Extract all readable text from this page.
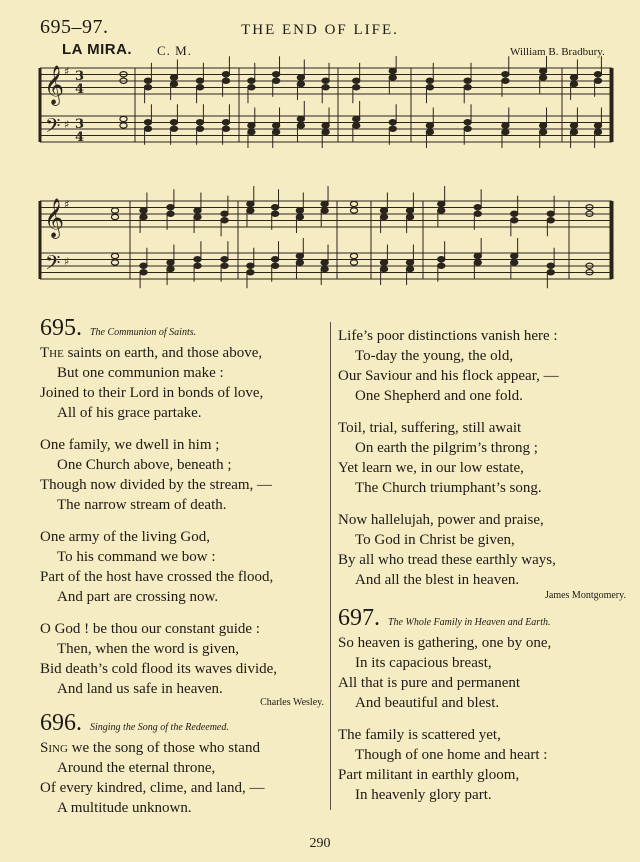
695–97.	THE END OF LIFE.
LA MIRA. C. M.	William B. Bradbury.
𝄞 ♯ 3
4
𝄢 ♯ 3
4
𝄞 ♯
𝄢 ♯
695. The Communion of Saints.
The saints on earth, and those above,
But one communion make :
Joined to their Lord in bonds of love,
All of his grace partake.
One family, we dwell in him ;
One Church above, beneath ;
Though now divided by the stream, —
The narrow stream of death.
One army of the living God,
To his command we bow :
Part of the host have crossed the flood,
And part are crossing now.
O God ! be thou our constant guide :
Then, when the word is given,
Bid death’s cold flood its waves divide,
And land us safe in heaven.
Charles Wesley.
696. Singing the Song of the Redeemed.
Sing we the song of those who stand
Around the eternal throne,
Of every kindred, clime, and land, —
A multitude unknown.
Life’s poor distinctions vanish here :
To-day the young, the old,
Our Saviour and his flock appear, —
One Shepherd and one fold.
Toil, trial, suffering, still await
On earth the pilgrim’s throng ;
Yet learn we, in our low estate,
The Church triumphant’s song.
Now hallelujah, power and praise,
To God in Christ be given,
By all who tread these earthly ways,
And all the blest in heaven.
James Montgomery.
697. The Whole Family in Heaven and Earth.
So heaven is gathering, one by one,
In its capacious breast,
All that is pure and permanent
And beautiful and blest.
The family is scattered yet,
Though of one home and heart :
Part militant in earthly gloom,
In heavenly glory part.
290
